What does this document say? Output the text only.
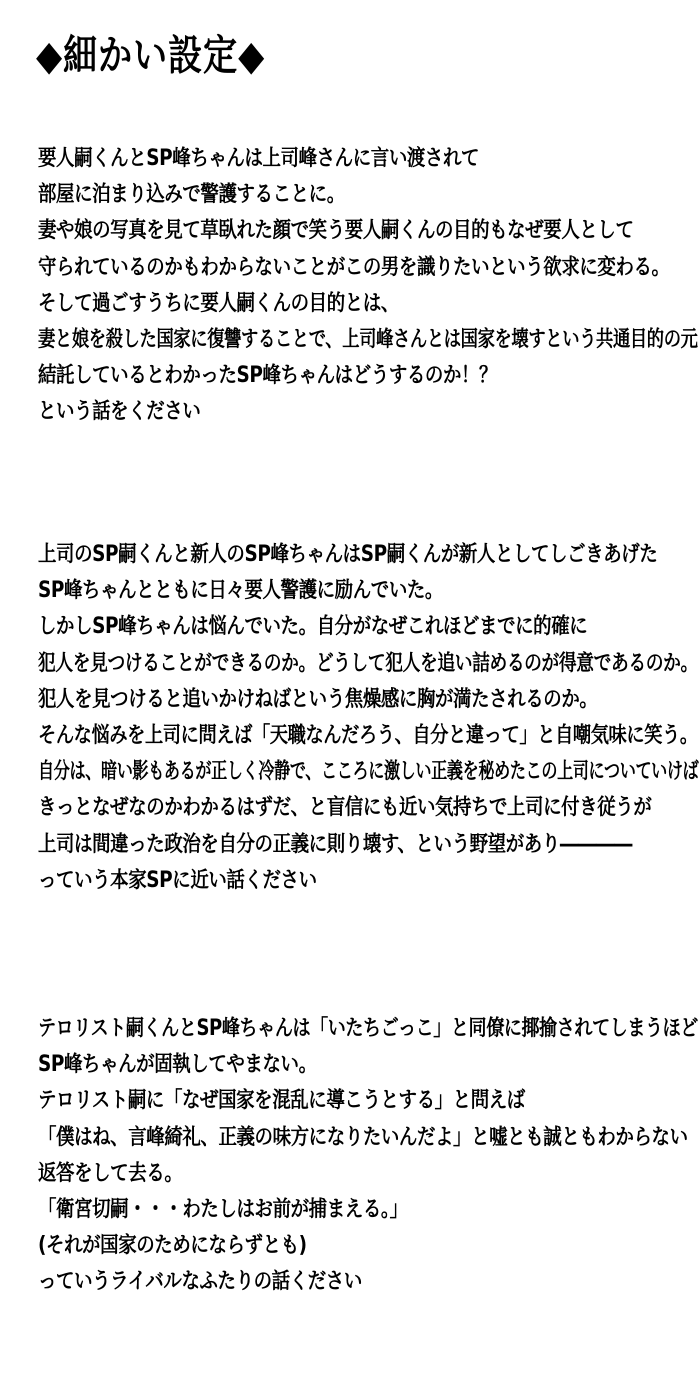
◆細かい設定◆
要人嗣くんとSP峰ちゃんは上司峰さんに言い渡されて
部屋に泊まり込みで警護することに。
妻や娘の写真を見て草臥れた顔で笑う要人嗣くんの目的もなぜ要人として
守られているのかもわからないことがこの男を識りたいという欲求に変わる。
そして過ごすうちに要人嗣くんの目的とは、
妻と娘を殺した国家に復讐することで、上司峰さんとは国家を壊すという共通目的の元
結託しているとわかったSP峰ちゃんはどうするのか！？
という話をください
上司のSP嗣くんと新人のSP峰ちゃんはSP嗣くんが新人としてしごきあげた
SP峰ちゃんとともに日々要人警護に励んでいた。
しかしSP峰ちゃんは悩んでいた。自分がなぜこれほどまでに的確に
犯人を見つけることができるのか。どうして犯人を追い詰めるのが得意であるのか。
犯人を見つけると追いかけねばという焦燥感に胸が満たされるのか。
そんな悩みを上司に問えば「天職なんだろう、自分と違って」と自嘲気味に笑う。
自分は、暗い影もあるが正しく冷静で、こころに激しい正義を秘めたこの上司についていけば
きっとなぜなのかわかるはずだ、と盲信にも近い気持ちで上司に付き従うが
上司は間違った政治を自分の正義に則り壊す、という野望があり――――
っていう本家SPに近い話ください
テロリスト嗣くんとSP峰ちゃんは「いたちごっこ」と同僚に揶揄されてしまうほど
SP峰ちゃんが固執してやまない。
テロリスト嗣に「なぜ国家を混乱に導こうとする」と問えば
「僕はね、言峰綺礼、正義の味方になりたいんだよ」と嘘とも誠ともわからない
返答をして去る。
「衛宮切嗣・・・わたしはお前が捕まえる。」
(それが国家のためにならずとも)
っていうライバルなふたりの話ください
